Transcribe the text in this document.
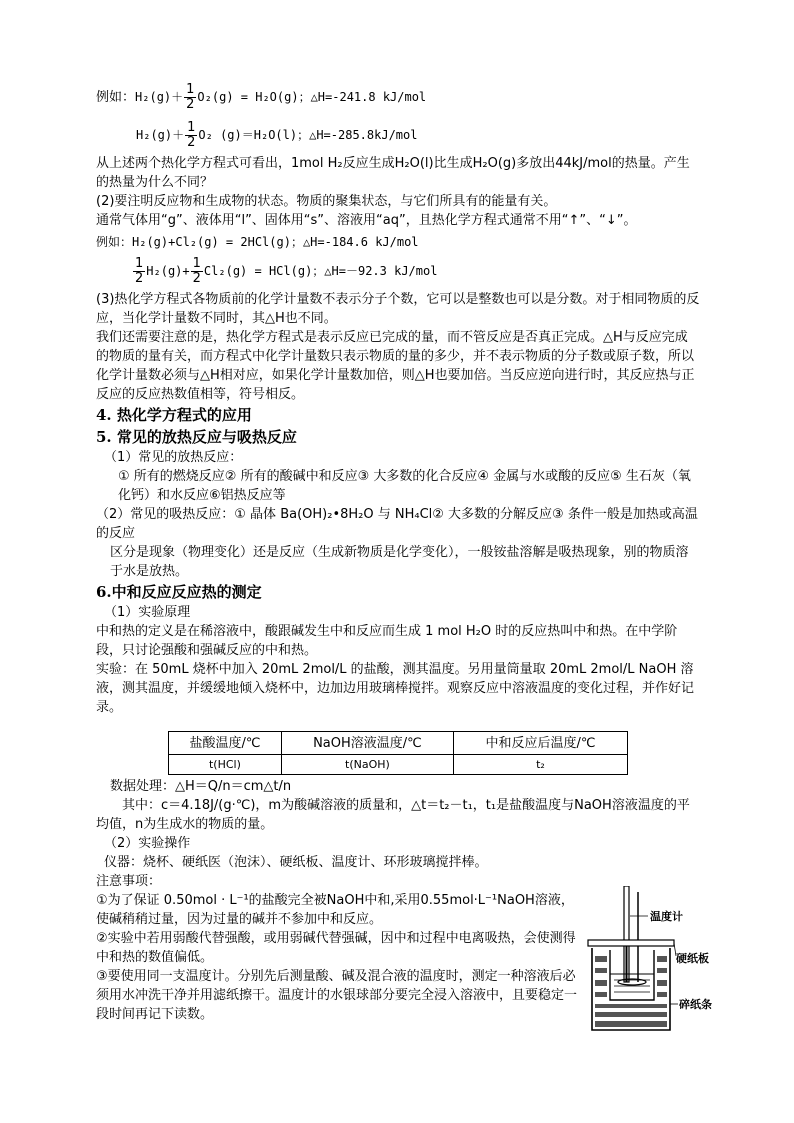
例如： $H_2(g)+ \frac{1}{2} O_2(g) = H_2O(g)$；△H=-241.8 kJ/mol
$H_2(g)+ \frac{1}{2} O_2$ (g)＝H₂O(l)；△H=-285.8kJ/mol
从上述两个热化学方程式可看出，1mol H₂反应生成H₂O(l)比生成H₂O(g)多放出44kJ/mol的热量。产生的热量为什么不同？
(2)要注明反应物和生成物的状态。物质的聚集状态，与它们所具有的能量有关。
通常气体用“g”、液体用“l”、固体用“s”、溶液用“aq”，且热化学方程式通常不用“↑”、“↓”。
例如：H₂(g)+Cl₂(g) = 2HCl(g)；△H=-184.6 kJ/mol
$\frac{1}{2} H_2(g)+ \frac{1}{2} Cl_2(g) = HCl(g)$；△H=－92.3 kJ/mol
(3)热化学方程式各物质前的化学计量数不表示分子个数，它可以是整数也可以是分数。对于相同物质的反应，当化学计量数不同时，其△H也不同。
我们还需要注意的是，热化学方程式是表示反应已完成的量，而不管反应是否真正完成。△H与反应完成的物质的量有关，而方程式中化学计量数只表示物质的量的多少，并不表示物质的分子数或原子数，所以化学计量数必须与△H相对应，如果化学计量数加倍，则△H也要加倍。当反应逆向进行时，其反应热与正反应的反应热数值相等，符号相反。
4. 热化学方程式的应用
5. 常见的放热反应与吸热反应
（1）常见的放热反应：
① 所有的燃烧反应② 所有的酸碱中和反应③ 大多数的化合反应④ 金属与水或酸的反应⑤ 生石灰（氧化钙）和水反应⑥铝热反应等
（2）常见的吸热反应：① 晶体 Ba(OH)₂•8H₂O 与 NH₄Cl② 大多数的分解反应③ 条件一般是加热或高温的反应
区分是现象（物理变化）还是反应（生成新物质是化学变化），一般铵盐溶解是吸热现象，别的物质溶于水是放热。
6.中和反应反应热的测定
（1）实验原理
中和热的定义是在稀溶液中，酸跟碱发生中和反应而生成 1 mol H₂O 时的反应热叫中和热。在中学阶段，只讨论强酸和强碱反应的中和热。
实验：在 50mL 烧杯中加入 20mL 2mol/L 的盐酸，测其温度。另用量筒量取 20mL 2mol/L NaOH 溶液，测其温度，并缓缓地倾入烧杯中，边加边用玻璃棒搅拌。观察反应中溶液温度的变化过程，并作好记录。
盐酸温度/℃	NaOH溶液温度/℃	中和反应后温度/℃
t(HCl)	t(NaOH)	t₂
数据处理：△H＝Q/n＝cm△t/n
其中：c＝4.18J/(g·℃)，m为酸碱溶液的质量和，△t＝t₂－t₁，t₁是盐酸温度与NaOH溶液温度的平均值，n为生成水的物质的量。
（2）实验操作
仪器：烧杯、硬纸医（泡沫）、硬纸板、温度计、环形玻璃搅拌棒。
注意事项：
①为了保证 0.50mol · L⁻¹的盐酸完全被NaOH中和,采用0.55mol·L⁻¹NaOH溶液，使碱稍稍过量，因为过量的碱并不参加中和反应。
②实验中若用弱酸代替强酸，或用弱碱代替强碱，因中和过程中电离吸热，会使测得中和热的数值偏低。
③要使用同一支温度计。分别先后测量酸、碱及混合液的温度时，测定一种溶液后必须用水冲洗干净并用滤纸擦干。温度计的水银球部分要完全浸入溶液中，且要稳定一段时间再记下读数。
温度计
硬纸板
碎纸条
